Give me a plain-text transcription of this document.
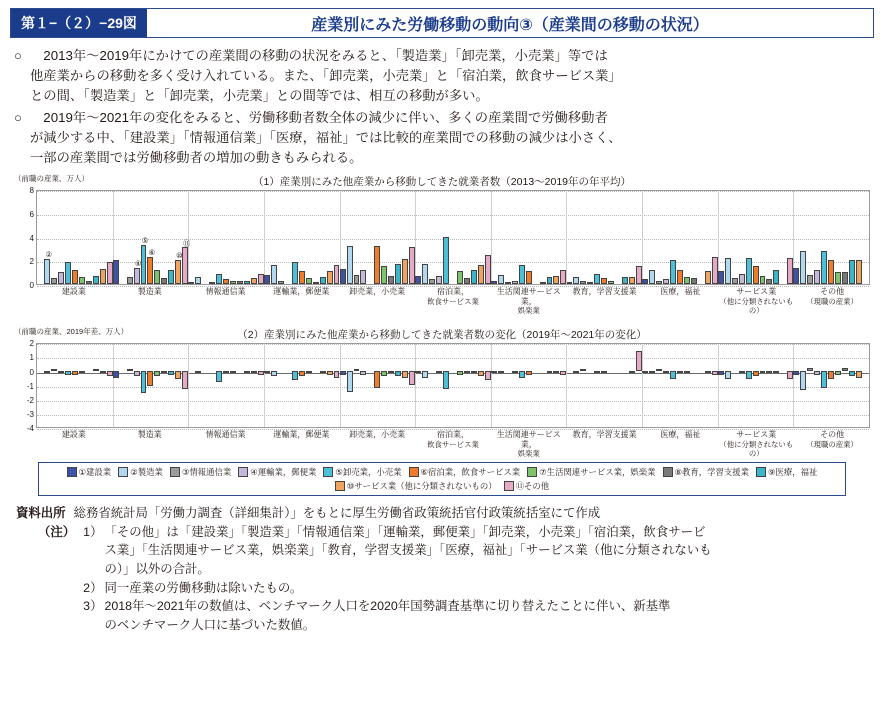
第１−（２）−29図	産業別にみた労働移動の動向③（産業間の移動の状況）
○ 　2013年〜2019年にかけての産業間の移動の状況をみると、「製造業」「卸売業，小売業」等では
他産業からの移動を多く受け入れている。また、「卸売業，小売業」と「宿泊業，飲食サービス業」
との間、「製造業」と「卸売業，小売業」との間等では、相互の移動が多い。
○ 　2019年〜2021年の変化をみると、労働移動者数全体の減少に伴い、多くの産業間で労働移動者
が減少する中、「建設業」「情報通信業」「医療，福祉」では比較的産業間での移動の減少は小さく、
一部の産業間では労働移動者の増加の動きもみられる。
（前職の産業、万人）	（1）産業別にみた他産業から移動してきた就業者数（2013〜2019年の年平均）
0
2
4
6
8
②
⑤
④
⑥
⑪
⑩
建設業	製造業	情報通信業	運輸業，郵便業	卸売業，小売業	宿泊業，
飲食サービス業
生活関連サービス業，
娯楽業
教育，学習支援業	医療，福祉	サービス業
（他に分類されないもの）
その他
（現職の産業）
（前職の産業、2019年差、万人）	（2）産業別にみた他産業から移動してきた就業者数の変化（2019年〜2021年の変化）
-4
-3
-2
-1
0
1
2
建設業	製造業	情報通信業	運輸業，郵便業	卸売業，小売業	宿泊業，
飲食サービス業
生活関連サービス業，
娯楽業
教育，学習支援業	医療，福祉	サービス業
（他に分類されないもの）
その他
（現職の産業）
①建設業 ②製造業 ③情報通信業 ④運輸業，郵便業 ⑤卸売業，小売業 ⑥宿泊業，飲食サービス業 ⑦生活関連サービス業，娯楽業 ⑧教育，学習支援業 ⑨医療，福祉
⑩サービス業（他に分類されないもの） ⑪その他
資料出所 総務省統計局「労働力調査（詳細集計）」をもとに厚生労働省政策統括官付政策統括室にて作成
（注） 1） 「その他」は「建設業」「製造業」「情報通信業」「運輸業，郵便業」「卸売業，小売業」「宿泊業，飲食サービ
ス業」「生活関連サービス業，娯楽業」「教育，学習支援業」「医療，福祉」「サービス業（他に分類されないも
の）」以外の合計。
2） 同一産業の労働移動は除いたもの。
3） 2018年〜2021年の数値は、ベンチマーク人口を2020年国勢調査基準に切り替えたことに伴い、新基準
のベンチマーク人口に基づいた数値。
